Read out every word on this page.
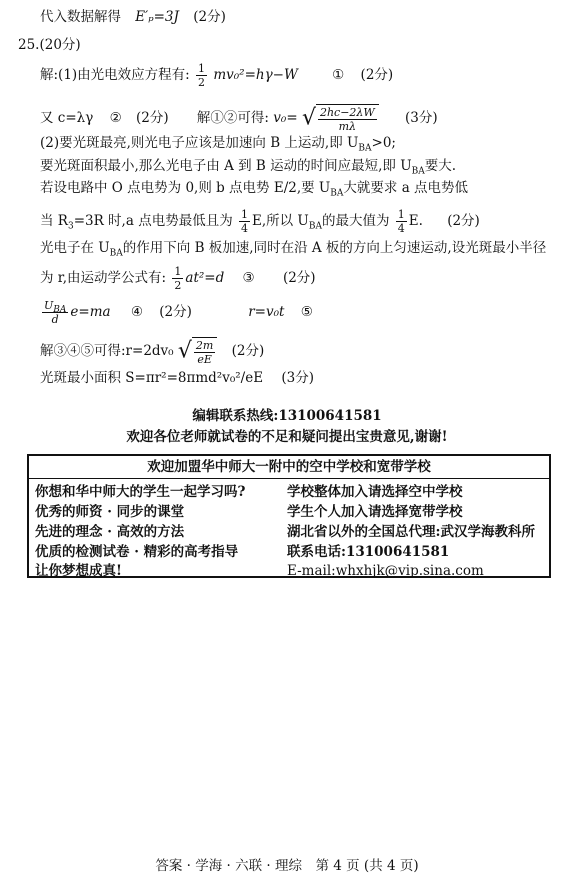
代入数据解得 E′ₚ=3J (2分)
25.(20分)
解:(1)由光电效应方程有: $\frac{1}{2} mv_0^2=h\gamma-W$	① (2分)
又 c=λγ ② (2分) 解①②可得: v₀= √ $\frac{2hc-2\lambda W}{m\lambda} (3$分)
(2)要光斑最亮,则光电子应该是加速向 B 上运动,即 $U_{BA}>0$;
要光斑面积最小,那么光电子由 A 到 B 运动的时间应最短,即 $U_{BA}$要大.
若设电路中 O 点电势为 0,则 b 点电势 E/2,要 $U_{BA}$大就要求 a 点电势低
当 $R_3=3R$ 时,a 点电势最低且为 $\frac{1}{4} E$,所以 $U_{BA}$的最大值为 $\frac{1}{4} E$. (2分)
光电子在 $U_{BA}$的作用下向 B 板加速,同时在沿 A 板的方向上匀速运动,设光斑最小半径
为 r,由运动学公式有: $\frac{1}{2} at^2=d$ ③ (2分)
$\frac{U_{BA}}{d} e=ma$ ④ (2分)	r=v₀t ⑤
解③④⑤可得:r=2dv₀ √ $\frac{2m}{eE} (2$分)
光斑最小面积 S=πr²=8πmd²v₀²/eE (3分)
编辑联系热线:13100641581
欢迎各位老师就试卷的不足和疑问提出宝贵意见,谢谢!
欢迎加盟华中师大一附中的空中学校和宽带学校
你想和华中师大的学生一起学习吗?
优秀的师资 · 同步的课堂
先进的理念 · 高效的方法
优质的检测试卷 · 精彩的高考指导
让你梦想成真!
学校整体加入请选择空中学校
学生个人加入请选择宽带学校
湖北省以外的全国总代理:武汉学海教科所
联系电话:13100641581
E-mail:whxhjk@vip.sina.com
答案 · 学海 · 六联 · 理综　第 4 页 (共 4 页)
